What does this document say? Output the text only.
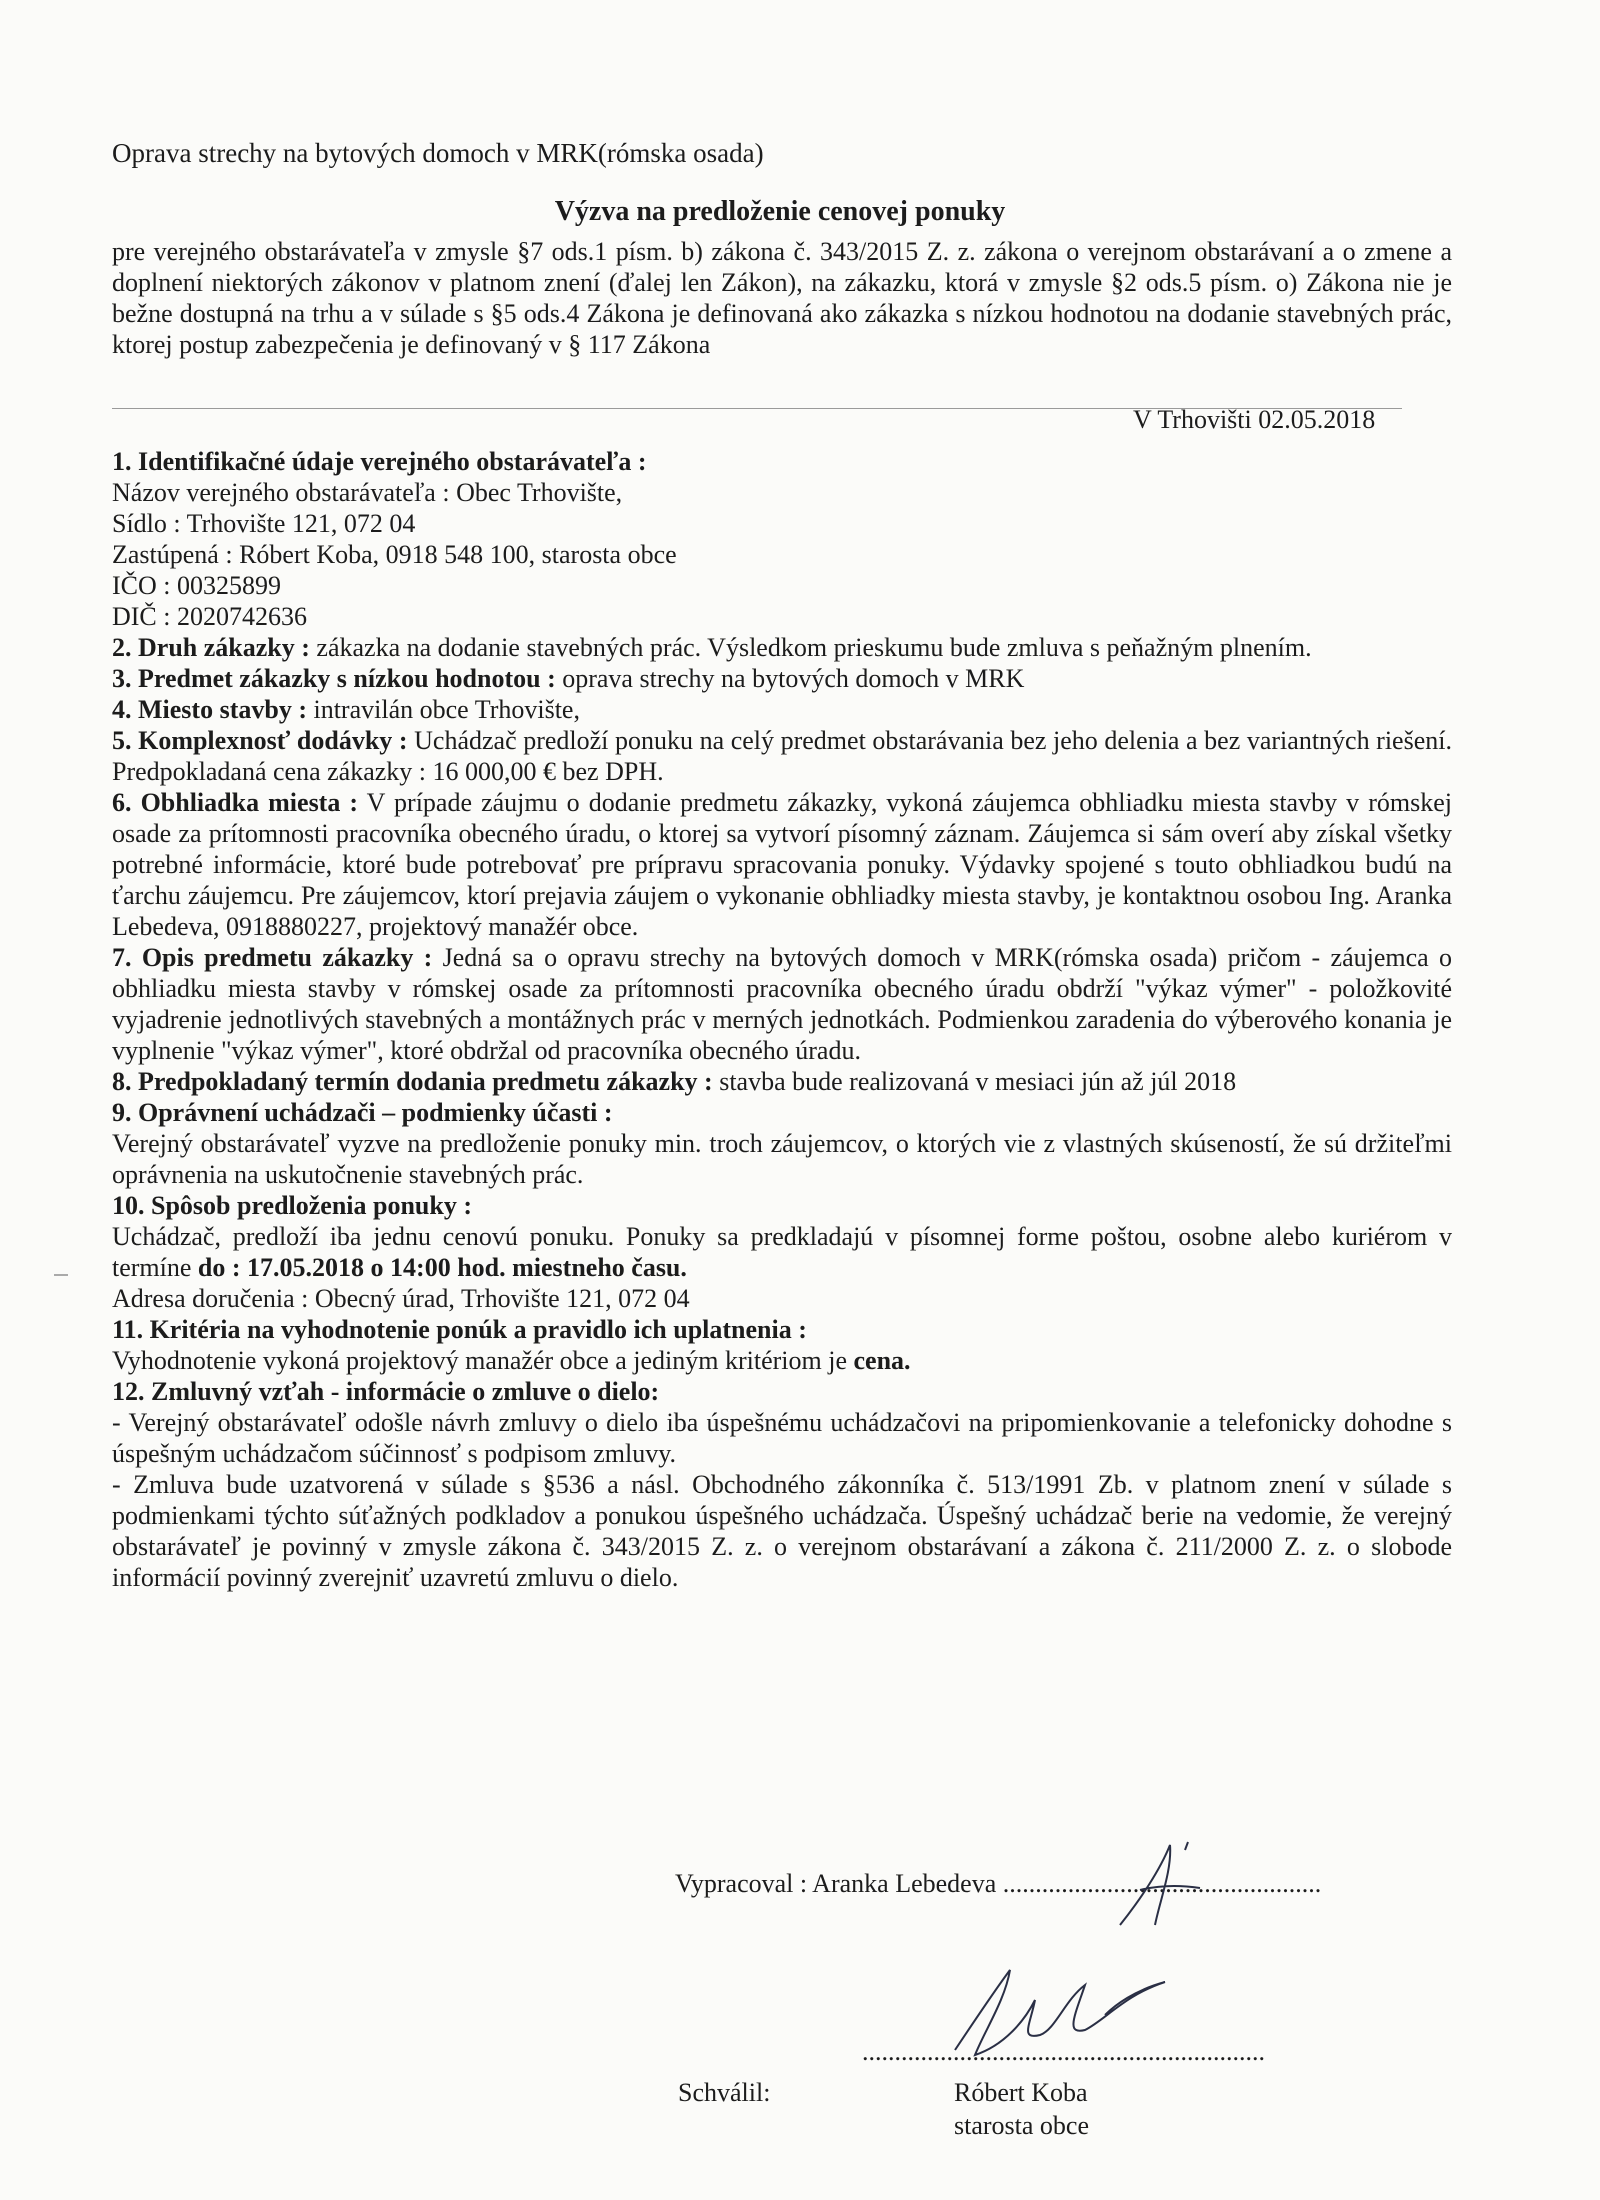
Oprava strechy na bytových domoch v MRK(rómska osada)
Výzva na predloženie cenovej ponuky
pre verejného obstarávateľa v zmysle §7 ods.1 písm. b) zákona č. 343/2015 Z. z. zákona o verejnom obstarávaní a o zmene a doplnení niektorých zákonov v platnom znení (ďalej len Zákon), na zákazku, ktorá v zmysle §2 ods.5 písm. o) Zákona nie je bežne dostupná na trhu a v súlade s §5 ods.4 Zákona je definovaná ako zákazka s nízkou hodnotou na dodanie stavebných prác, ktorej postup zabezpečenia je definovaný v § 117 Zákona
V Trhovišti 02.05.2018

1. Identifikačné údaje verejného obstarávateľa :

Názov verejného obstarávateľa : Obec Trhovište,

Sídlo : Trhovište 121, 072 04

Zastúpená : Róbert Koba, 0918 548 100, starosta obce

IČO : 00325899

DIČ : 2020742636

2. Druh zákazky : zákazka na dodanie stavebných prác. Výsledkom prieskumu bude zmluva s peňažným plnením.

3. Predmet zákazky s nízkou hodnotou : oprava strechy na bytových domoch v MRK

4. Miesto stavby : intravilán obce Trhovište,

5. Komplexnosť dodávky : Uchádzač predloží ponuku na celý predmet obstarávania bez jeho delenia a bez variantných riešení. Predpokladaná cena zákazky : 16 000,00 € bez DPH.

6. Obhliadka miesta : V prípade záujmu o dodanie predmetu zákazky, vykoná záujemca obhliadku miesta stavby v rómskej osade za prítomnosti pracovníka obecného úradu, o ktorej sa vytvorí písomný záznam. Záujemca si sám overí aby získal všetky potrebné informácie, ktoré bude potrebovať pre prípravu spracovania ponuky. Výdavky spojené s touto obhliadkou budú na ťarchu záujemcu. Pre záujemcov, ktorí prejavia záujem o vykonanie obhliadky miesta stavby, je kontaktnou osobou Ing. Aranka Lebedeva, 0918880227, projektový manažér obce.

7. Opis predmetu zákazky : Jedná sa o opravu strechy na bytových domoch v MRK(rómska osada) pričom - záujemca o obhliadku miesta stavby v rómskej osade za prítomnosti pracovníka obecného úradu obdrží "výkaz výmer" - položkovité vyjadrenie jednotlivých stavebných a montážnych prác v merných jednotkách. Podmienkou zaradenia do výberového konania je vyplnenie "výkaz výmer", ktoré obdržal od pracovníka obecného úradu.

8. Predpokladaný termín dodania predmetu zákazky : stavba bude realizovaná v mesiaci jún až júl 2018

9. Oprávnení uchádzači – podmienky účasti :

Verejný obstarávateľ vyzve na predloženie ponuky min. troch záujemcov, o ktorých vie z vlastných skúseností, že sú držiteľmi oprávnenia na uskutočnenie stavebných prác.

10. Spôsob predloženia ponuky :

Uchádzač, predloží iba jednu cenovú ponuku. Ponuky sa predkladajú v písomnej forme poštou, osobne alebo kuriérom v termíne do : 17.05.2018 o 14:00 hod. miestneho času.

Adresa doručenia : Obecný úrad, Trhovište 121, 072 04

11. Kritéria na vyhodnotenie ponúk a pravidlo ich uplatnenia :

Vyhodnotenie vykoná projektový manažér obce a jediným kritériom je cena.

12. Zmluvný vzťah - informácie o zmluve o dielo:

- Verejný obstarávateľ odošle návrh zmluvy o dielo iba úspešnému uchádzačovi na pripomienkovanie a telefonicky dohodne s úspešným uchádzačom súčinnosť s podpisom zmluvy.

- Zmluva bude uzatvorená v súlade s §536 a násl. Obchodného zákonníka č. 513/1991 Zb. v platnom znení v súlade s podmienkami týchto súťažných podkladov a ponukou úspešného uchádzača. Úspešný uchádzač berie na vedomie, že verejný obstarávateľ je povinný v zmysle zákona č. 343/2015 Z. z. o verejnom obstarávaní a zákona č. 211/2000 Z. z. o slobode informácií povinný zverejniť uzavretú zmluvu o dielo.

Vypracoval : Aranka Lebedeva .................................................
..............................................................
Schválil:	Róbert Koba
starosta obce
